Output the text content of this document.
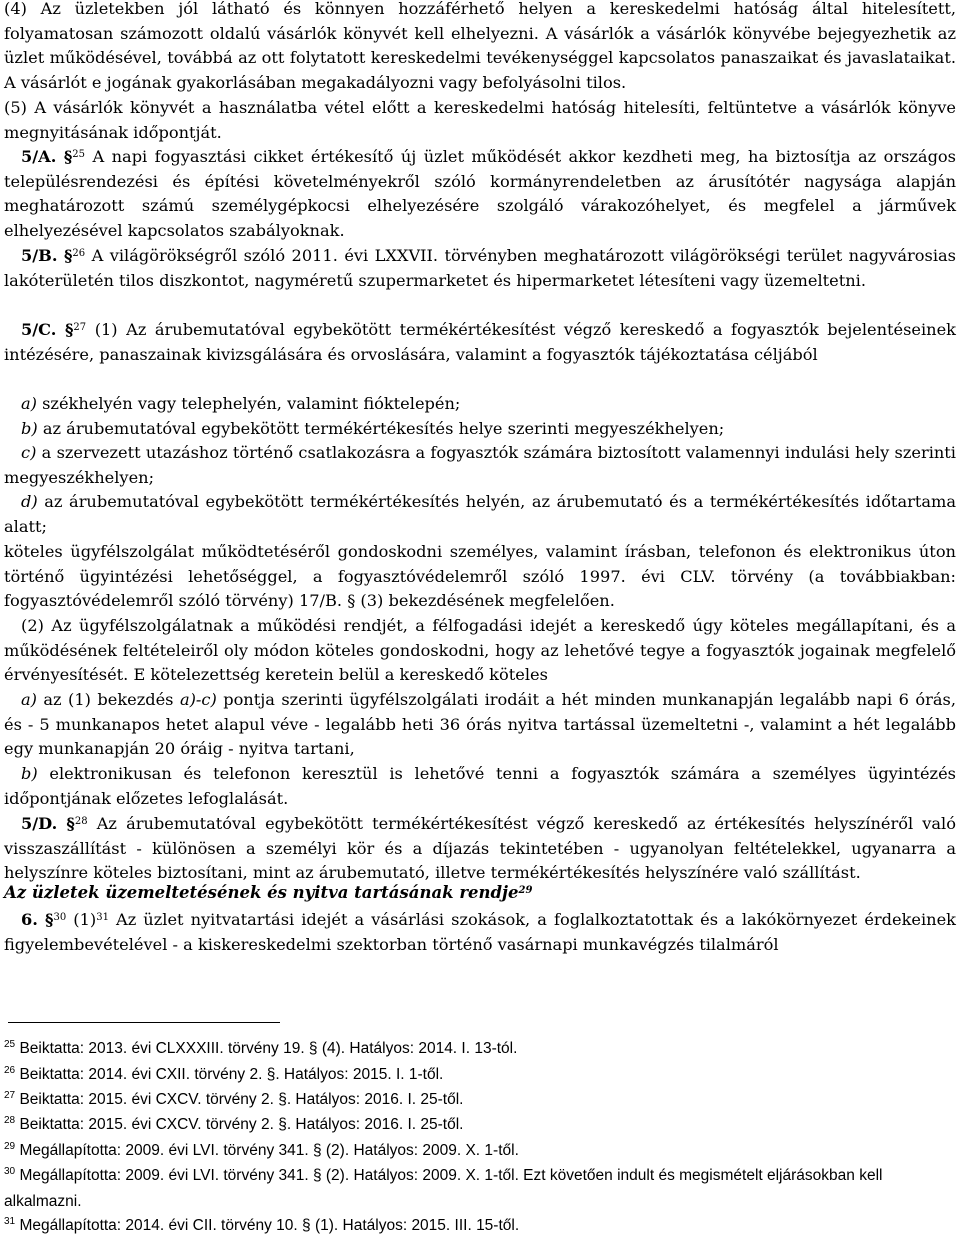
(4) Az üzletekben jól látható és könnyen hozzáférhető helyen a kereskedelmi hatóság által hitelesített, folyamatosan számozott oldalú vásárlók könyvét kell elhelyezni. A vásárlók a vásárlók könyvébe bejegyezhetik az üzlet működésével, továbbá az ott folytatott kereskedelmi tevékenységgel kapcsolatos panaszaikat és javaslataikat. A vásárlót e jogának gyakorlásában megakadályozni vagy befolyásolni tilos.
(5) A vásárlók könyvét a használatba vétel előtt a kereskedelmi hatóság hitelesíti, feltüntetve a vásárlók könyve megnyitásának időpontját.
5/A. §$^{25}$ A napi fogyasztási cikket értékesítő új üzlet működését akkor kezdheti meg, ha biztosítja az országos településrendezési és építési követelményekről szóló kormányrendeletben az árusítótér nagysága alapján meghatározott számú személygépkocsi elhelyezésére szolgáló várakozóhelyet, és megfelel a járművek elhelyezésével kapcsolatos szabályoknak.
5/B. §$^{26}$ A világörökségről szóló 2011. évi LXXVII. törvényben meghatározott világörökségi terület nagyvárosias lakóterületén tilos diszkontot, nagyméretű szupermarketet és hipermarketet létesíteni vagy üzemeltetni.
5/C. §$^{27}$ (1) Az árubemutatóval egybekötött termékértékesítést végző kereskedő a fogyasztók bejelentéseinek intézésére, panaszainak kivizsgálására és orvoslására, valamint a fogyasztók tájékoztatása céljából
a) székhelyén vagy telephelyén, valamint fióktelepén;
b) az árubemutatóval egybekötött termékértékesítés helye szerinti megyeszékhelyen;
c) a szervezett utazáshoz történő csatlakozásra a fogyasztók számára biztosított valamennyi indulási hely szerinti megyeszékhelyen;
d) az árubemutatóval egybekötött termékértékesítés helyén, az árubemutató és a termékértékesítés időtartama alatt;
köteles ügyfélszolgálat működtetéséről gondoskodni személyes, valamint írásban, telefonon és elektronikus úton történő ügyintézési lehetőséggel, a fogyasztóvédelemről szóló 1997. évi CLV. törvény (a továbbiakban: fogyasztóvédelemről szóló törvény) 17/B. § (3) bekezdésének megfelelően.
(2) Az ügyfélszolgálatnak a működési rendjét, a félfogadási idejét a kereskedő úgy köteles megállapítani, és a működésének feltételeiről oly módon köteles gondoskodni, hogy az lehetővé tegye a fogyasztók jogainak megfelelő érvényesítését. E kötelezettség keretein belül a kereskedő köteles
a) az (1) bekezdés a)-c) pontja szerinti ügyfélszolgálati irodáit a hét minden munkanapján legalább napi 6 órás, és - 5 munkanapos hetet alapul véve - legalább heti 36 órás nyitva tartással üzemeltetni -, valamint a hét legalább egy munkanapján 20 óráig - nyitva tartani,
b) elektronikusan és telefonon keresztül is lehetővé tenni a fogyasztók számára a személyes ügyintézés időpontjának előzetes lefoglalását.
5/D. §$^{28}$ Az árubemutatóval egybekötött termékértékesítést végző kereskedő az értékesítés helyszínéről való visszaszállítást - különösen a személyi kör és a díjazás tekintetében - ugyanolyan feltételekkel, ugyanarra a helyszínre köteles biztosítani, mint az árubemutató, illetve termékértékesítés helyszínére való szállítást.
Az üzletek üzemeltetésének és nyitva tartásának rendje$^{29}$
6. §$^{30}$ $(1)^{31}$ Az üzlet nyitvatartási idejét a vásárlási szokások, a foglalkoztatottak és a lakókörnyezet érdekeinek figyelembevételével - a kiskereskedelmi szektorban történő vasárnapi munkavégzés tilalmáról
$^{25}$ Beiktatta: 2013. évi CLXXXIII. törvény 19. § (4). Hatályos: 2014. I. 13-tól.
$^{26}$ Beiktatta: 2014. évi CXII. törvény 2. §. Hatályos: 2015. I. 1-től.
$^{27}$ Beiktatta: 2015. évi CXCV. törvény 2. §. Hatályos: 2016. I. 25-től.
$^{28}$ Beiktatta: 2015. évi CXCV. törvény 2. §. Hatályos: 2016. I. 25-től.
$^{29}$ Megállapította: 2009. évi LVI. törvény 341. § (2). Hatályos: 2009. X. 1-től.
$^{30}$ Megállapította: 2009. évi LVI. törvény 341. § (2). Hatályos: 2009. X. 1-től. Ezt követően indult és megismételt eljárásokban kell alkalmazni.
$^{31}$ Megállapította: 2014. évi CII. törvény 10. § (1). Hatályos: 2015. III. 15-től.
